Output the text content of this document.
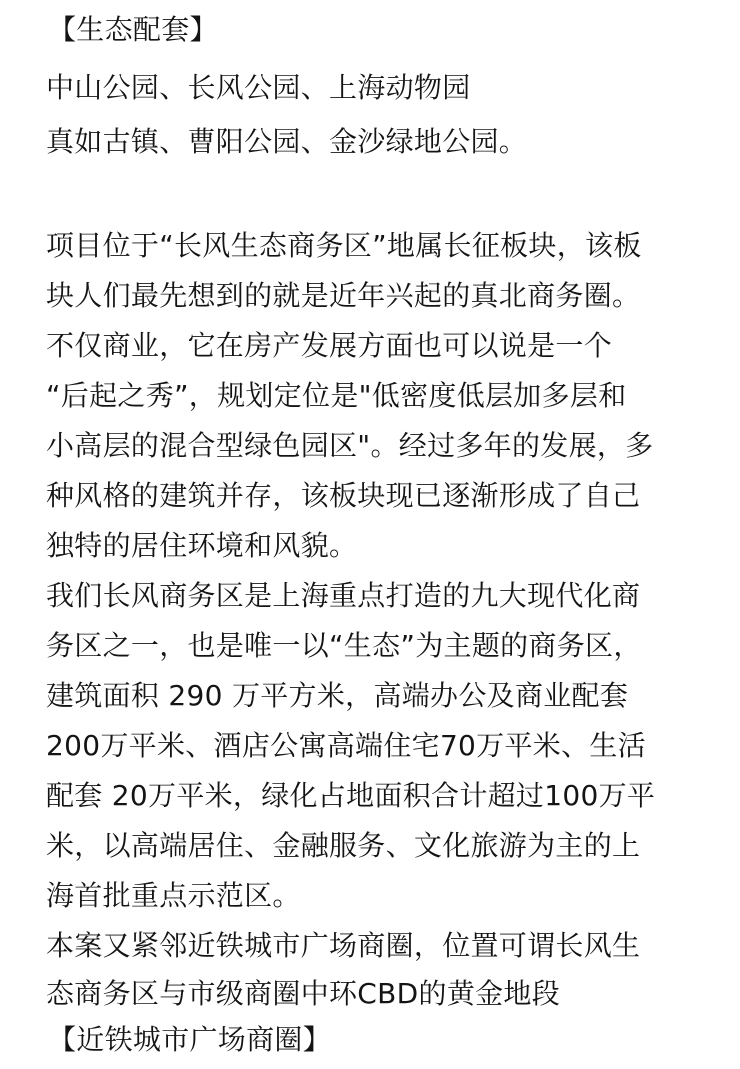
【生态配套】
中山公园、长风公园、上海动物园
真如古镇、曹阳公园、金沙绿地公园。
项目位于“长风生态商务区”地属长征板块，该板
块人们最先想到的就是近年兴起的真北商务圈。
不仅商业，它在房产发展方面也可以说是一个
“后起之秀”，规划定位是"低密度低层加多层和
小高层的混合型绿色园区"。经过多年的发展，多
种风格的建筑并存，该板块现已逐渐形成了自己
独特的居住环境和风貌。
我们长风商务区是上海重点打造的九大现代化商
务区之一，也是唯一以“生态”为主题的商务区，
建筑面积 290 万平方米，高端办公及商业配套
200万平米、酒店公寓高端住宅70万平米、生活
配套 20万平米，绿化占地面积合计超过100万平
米，以高端居住、金融服务、文化旅游为主的上
海首批重点示范区。
本案又紧邻近铁城市广场商圈，位置可谓长风生
态商务区与市级商圈中环CBD的黄金地段
【近铁城市广场商圈】
